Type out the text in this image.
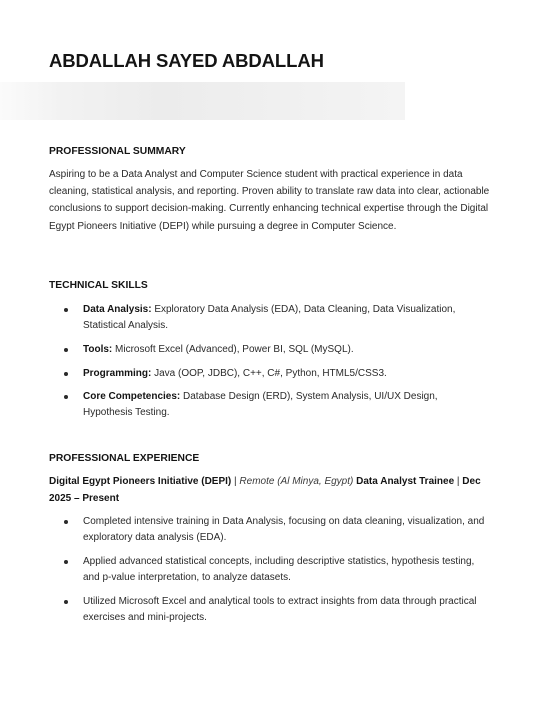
ABDALLAH SAYED ABDALLAH
PROFESSIONAL SUMMARY
Aspiring to be a Data Analyst and Computer Science student with practical experience in data cleaning, statistical analysis, and reporting. Proven ability to translate raw data into clear, actionable conclusions to support decision-making. Currently enhancing technical expertise through the Digital Egypt Pioneers Initiative (DEPI) while pursuing a degree in Computer Science.
TECHNICAL SKILLS
Data Analysis: Exploratory Data Analysis (EDA), Data Cleaning, Data Visualization, Statistical Analysis.
Tools: Microsoft Excel (Advanced), Power BI, SQL (MySQL).
Programming: Java (OOP, JDBC), C++, C#, Python, HTML5/CSS3.
Core Competencies: Database Design (ERD), System Analysis, UI/UX Design, Hypothesis Testing.
PROFESSIONAL EXPERIENCE
Digital Egypt Pioneers Initiative (DEPI) | Remote (Al Minya, Egypt) Data Analyst Trainee | Dec 2025 – Present
Completed intensive training in Data Analysis, focusing on data cleaning, visualization, and exploratory data analysis (EDA).
Applied advanced statistical concepts, including descriptive statistics, hypothesis testing, and p-value interpretation, to analyze datasets.
Utilized Microsoft Excel and analytical tools to extract insights from data through practical exercises and mini-projects.
